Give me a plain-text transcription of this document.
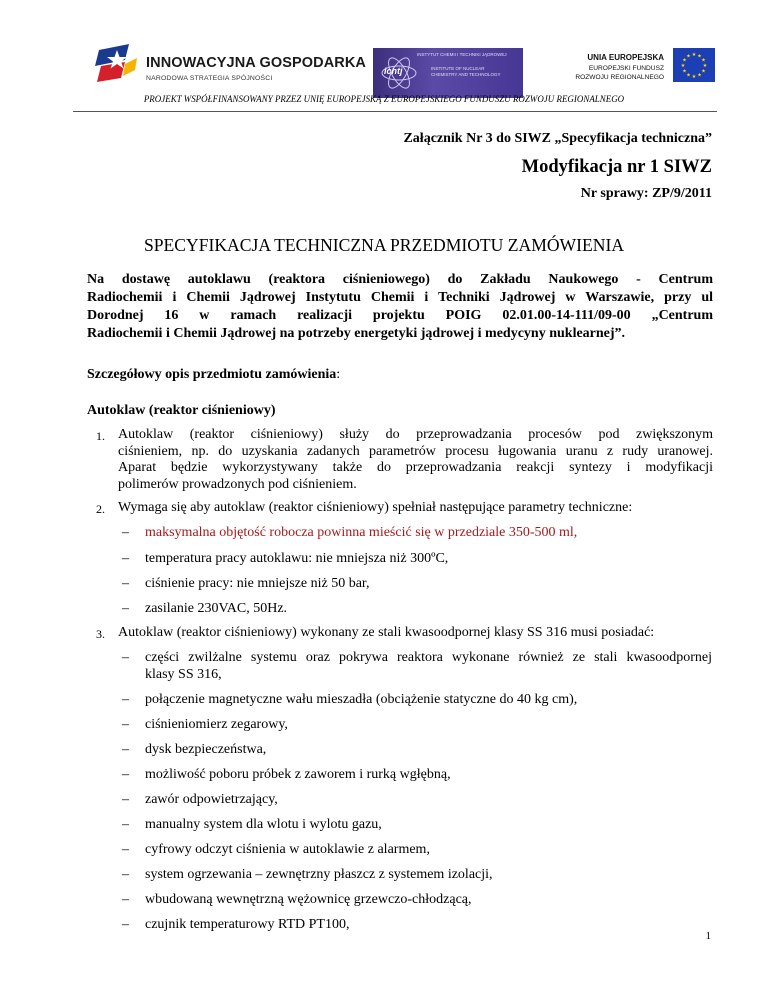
INNOWACYJNA GOSPODARKA
NARODOWA STRATEGIA SPÓJNOŚCI
ichtj
INSTYTUT CHEMII I TECHNIKI JĄDROWEJ
INSTITUTE OF NUCLEAR
CHEMISTRY AND TECHNOLOGY
UNIA EUROPEJSKA
EUROPEJSKI FUNDUSZ
ROZWOJU REGIONALNEGO
★ ★
★
★
★
★
★
★
★
★
★
★
PROJEKT WSPÓŁFINANSOWANY PRZEZ UNIĘ EUROPEJSKĄ Z EUROPEJSKIEGO FUNDUSZU ROZWOJU REGIONALNEGO
Załącznik Nr 3 do SIWZ „Specyfikacja techniczna”
Modyfikacja nr 1 SIWZ
Nr sprawy: ZP/9/2011
SPECYFIKACJA TECHNICZNA PRZEDMIOTU ZAMÓWIENIA
Na dostawę autoklawu (reaktora ciśnieniowego) do Zakładu Naukowego - Centrum
Radiochemii i Chemii Jądrowej Instytutu Chemii i Techniki Jądrowej w Warszawie, przy ul
Dorodnej 16 w ramach realizacji projektu POIG 02.01.00-14-111/09-00 „Centrum
Radiochemii i Chemii Jądrowej na potrzeby energetyki jądrowej i medycyny nuklearnej”.
Szczegółowy opis przedmiotu zamówienia:
Autoklaw (reaktor ciśnieniowy)
1. Autoklaw (reaktor ciśnieniowy) służy do przeprowadzania procesów pod zwiększonym
ciśnieniem, np. do uzyskania zadanych parametrów procesu ługowania uranu z rudy uranowej.
Aparat będzie wykorzystywany także do przeprowadzania reakcji syntezy i modyfikacji
polimerów prowadzonych pod ciśnieniem.
2. Wymaga się aby autoklaw (reaktor ciśnieniowy) spełniał następujące parametry techniczne:
– maksymalna objętość robocza powinna mieścić się w przedziale 350-500 ml,
– temperatura pracy autoklawu: nie mniejsza niż 300ºC,
– ciśnienie pracy: nie mniejsze niż 50 bar,
– zasilanie 230VAC, 50Hz.
3. Autoklaw (reaktor ciśnieniowy) wykonany ze stali kwasoodpornej klasy SS 316 musi posiadać:
– części zwilżalne systemu oraz pokrywa reaktora wykonane również ze stali kwasoodpornej
klasy SS 316,
– połączenie magnetyczne wału mieszadła (obciążenie statyczne do 40 kg cm),
– ciśnieniomierz zegarowy,
– dysk bezpieczeństwa,
– możliwość poboru próbek z zaworem i rurką wgłębną,
– zawór odpowietrzający,
– manualny system dla wlotu i wylotu gazu,
– cyfrowy odczyt ciśnienia w autoklawie z alarmem,
– system ogrzewania – zewnętrzny płaszcz z systemem izolacji,
– wbudowaną wewnętrzną wężownicę grzewczo-chłodzącą,
– czujnik temperaturowy RTD PT100,
1
